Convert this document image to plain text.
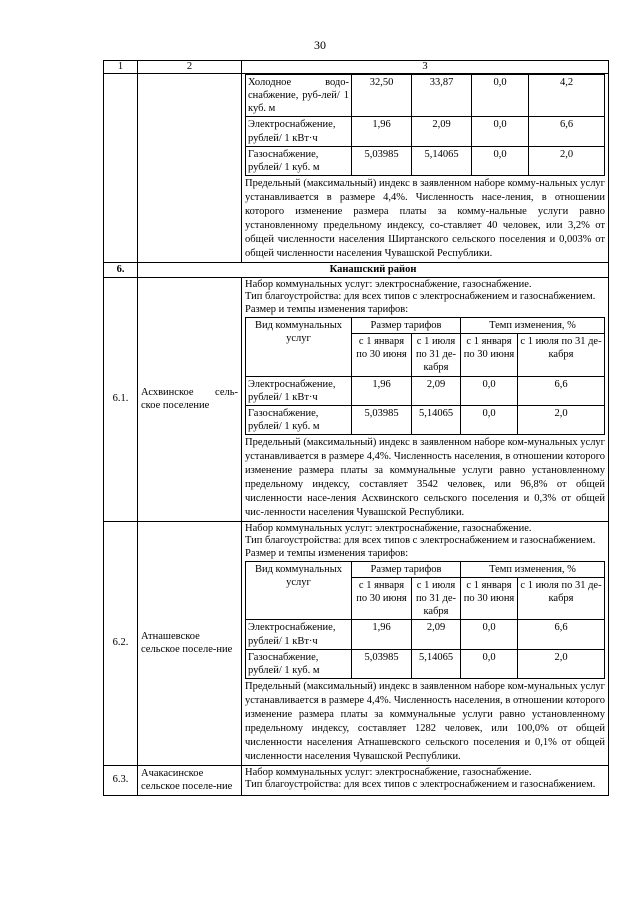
30
1	2	3

Холодное водо-снабжение, руб-лей/ 1 куб. м	32,50	33,87	0,0	4,2
Электроснабжение, рублей/ 1 кВт·ч	1,96	2,09	0,0	6,6
Газоснабжение, рублей/ 1 куб. м	5,03985	5,14065	0,0	2,0

Предельный (максимальный) индекс в заявленном наборе комму-нальных услуг устанавливается в размере 4,4%. Численность насе-ления, в отношении которого изменение размера платы за комму-нальные услуги равно установленному предельному индексу, со-ставляет 40 человек, или 3,2% от общей численности населения Ширтанского сельского поселения и 0,003% от общей численности населения Чувашской Республики.

6.	Канашский район
6.1.	Асхвинское сель-ское поселение	

Набор коммунальных услуг: электроснабжение, газоснабжение.

Тип благоустройства: для всех типов с электроснабжением и газоснабжением.

Размер и темпы изменения тарифов:

Вид коммунальных услуг	Размер тарифов	Темп изменения, %
с 1 января по 30 июня	с 1 июля по 31 де-кабря	с 1 января по 30 июня	с 1 июля по 31 де-кабря
Электроснабжение, рублей/ 1 кВт·ч	1,96	2,09	0,0	6,6
Газоснабжение, рублей/ 1 куб. м	5,03985	5,14065	0,0	2,0

Предельный (максимальный) индекс в заявленном наборе ком-мунальных услуг устанавливается в размере 4,4%. Численность населения, в отношении которого изменение размера платы за коммунальные услуги равно установленному предельному индексу, составляет 3542 человек, или 96,8% от общей численности насе-ления Асхвинского сельского поселения и 0,3% от общей чис-ленности населения Чувашской Республики.

6.2.	Атнашевское сельское поселе-ние	

Набор коммунальных услуг: электроснабжение, газоснабжение.

Тип благоустройства: для всех типов с электроснабжением и газоснабжением.

Размер и темпы изменения тарифов:

Вид коммунальных услуг	Размер тарифов	Темп изменения, %
с 1 января по 30 июня	с 1 июля по 31 де-кабря	с 1 января по 30 июня	с 1 июля по 31 де-кабря
Электроснабжение, рублей/ 1 кВт·ч	1,96	2,09	0,0	6,6
Газоснабжение, рублей/ 1 куб. м	5,03985	5,14065	0,0	2,0

Предельный (максимальный) индекс в заявленном наборе ком-мунальных услуг устанавливается в размере 4,4%. Численность населения, в отношении которого изменение размера платы за коммунальные услуги равно установленному предельному индексу, составляет 1282 человек, или 100,0% от общей численности населения Атнашевского сельского поселения и 0,1% от общей численности населения Чувашской Республики.

6.3.	Ачакасинское сельское поселе-ние	

Набор коммунальных услуг: электроснабжение, газоснабжение.

Тип благоустройства: для всех типов с электроснабжением и газоснабжением.
